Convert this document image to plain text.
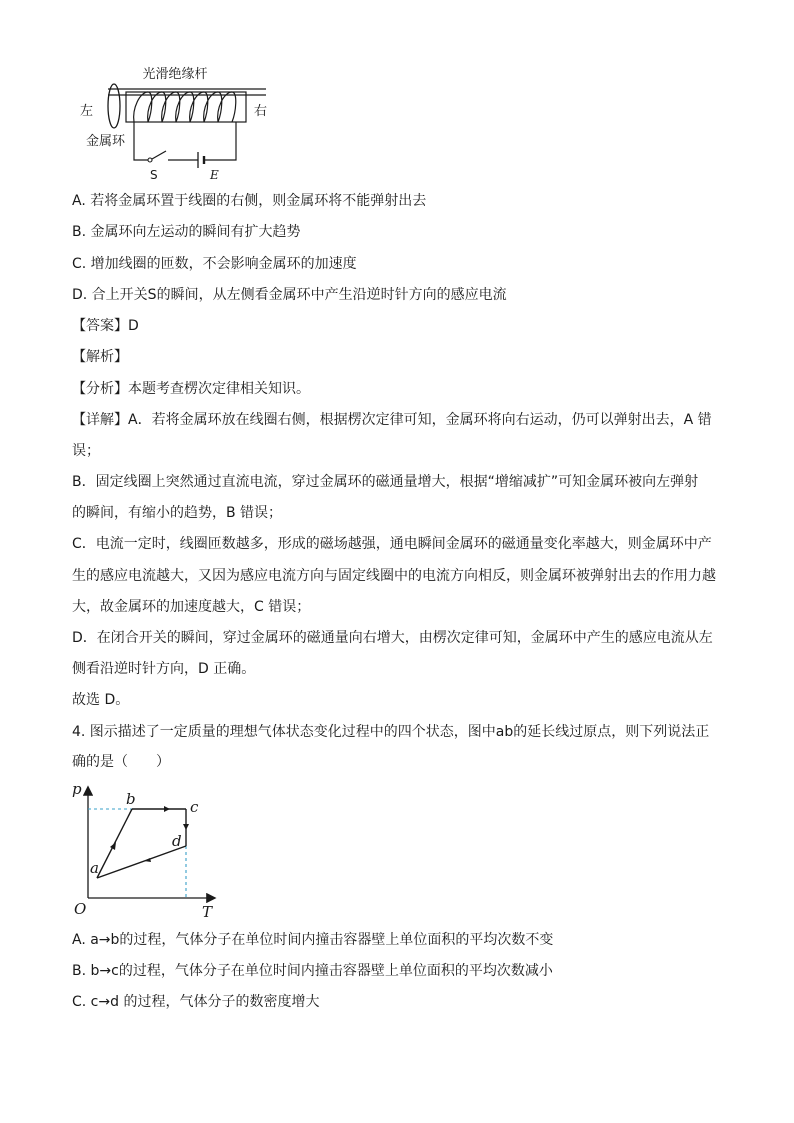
光滑绝缘杆
左	右
金属环
S	E
A. 若将金属环置于线圈的右侧，则金属环将不能弹射出去
B. 金属环向左运动的瞬间有扩大趋势
C. 增加线圈的匝数，不会影响金属环的加速度
D. 合上开关S的瞬间，从左侧看金属环中产生沿逆时针方向的感应电流
【答案】D
【解析】
【分析】本题考查楞次定律相关知识。
【详解】A．若将金属环放在线圈右侧，根据楞次定律可知，金属环将向右运动，仍可以弹射出去，A 错
误；
B．固定线圈上突然通过直流电流，穿过金属环的磁通量增大，根据“增缩减扩”可知金属环被向左弹射
的瞬间，有缩小的趋势，B 错误；
C．电流一定时，线圈匝数越多，形成的磁场越强，通电瞬间金属环的磁通量变化率越大，则金属环中产
生的感应电流越大，又因为感应电流方向与固定线圈中的电流方向相反，则金属环被弹射出去的作用力越
大，故金属环的加速度越大，C 错误；
D．在闭合开关的瞬间，穿过金属环的磁通量向右增大，由楞次定律可知，金属环中产生的感应电流从左
侧看沿逆时针方向，D 正确。
故选 D。
4. 图示描述了一定质量的理想气体状态变化过程中的四个状态，图中ab的延长线过原点，则下列说法正
确的是（　　）
p
T
O
a
b	c
d
A. a→b的过程，气体分子在单位时间内撞击容器壁上单位面积的平均次数不变
B. b→c的过程，气体分子在单位时间内撞击容器壁上单位面积的平均次数减小
C. c→d 的过程，气体分子的数密度增大
